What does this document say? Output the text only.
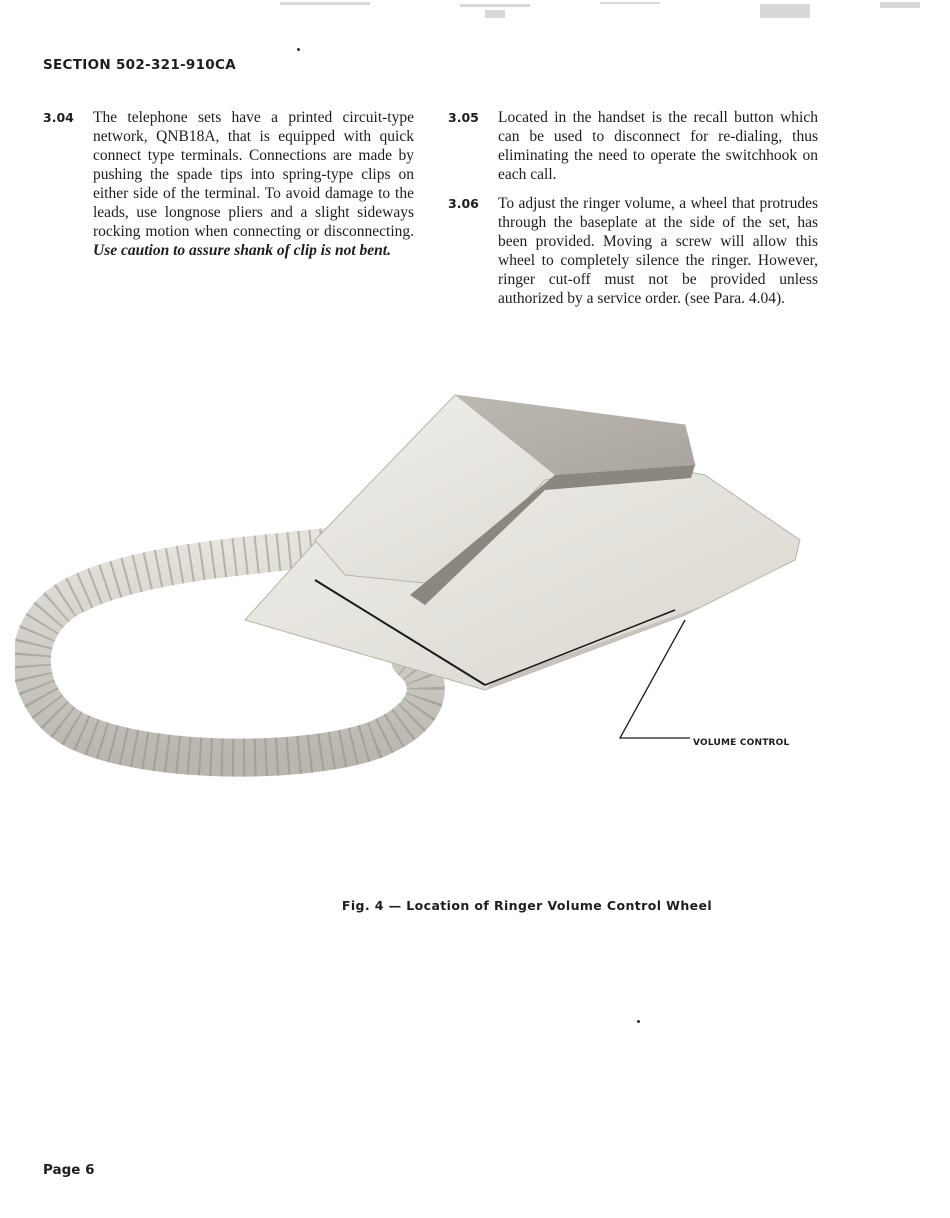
SECTION 502-321-910CA

3.04 The telephone sets have a printed circuit-type network, QNB18A, that is equipped with quick connect type terminals. Connections are made by pushing the spade tips into spring-type clips on either side of the terminal. To avoid damage to the leads, use longnose pliers and a slight sideways rocking motion when connecting or disconnecting. Use caution to assure shank of clip is not bent.

3.05 Located in the handset is the recall button which can be used to disconnect for re-dialing, thus eliminating the need to operate the switchhook on each call.

3.06 To adjust the ringer volume, a wheel that protrudes through the baseplate at the side of the set, has been provided. Moving a screw will allow this wheel to completely silence the ringer. However, ringer cut-off must not be provided unless authorized by a service order. (see Para. 4.04).

VOLUME CONTROL
Fig. 4 — Location of Ringer Volume Control Wheel
Page 6
